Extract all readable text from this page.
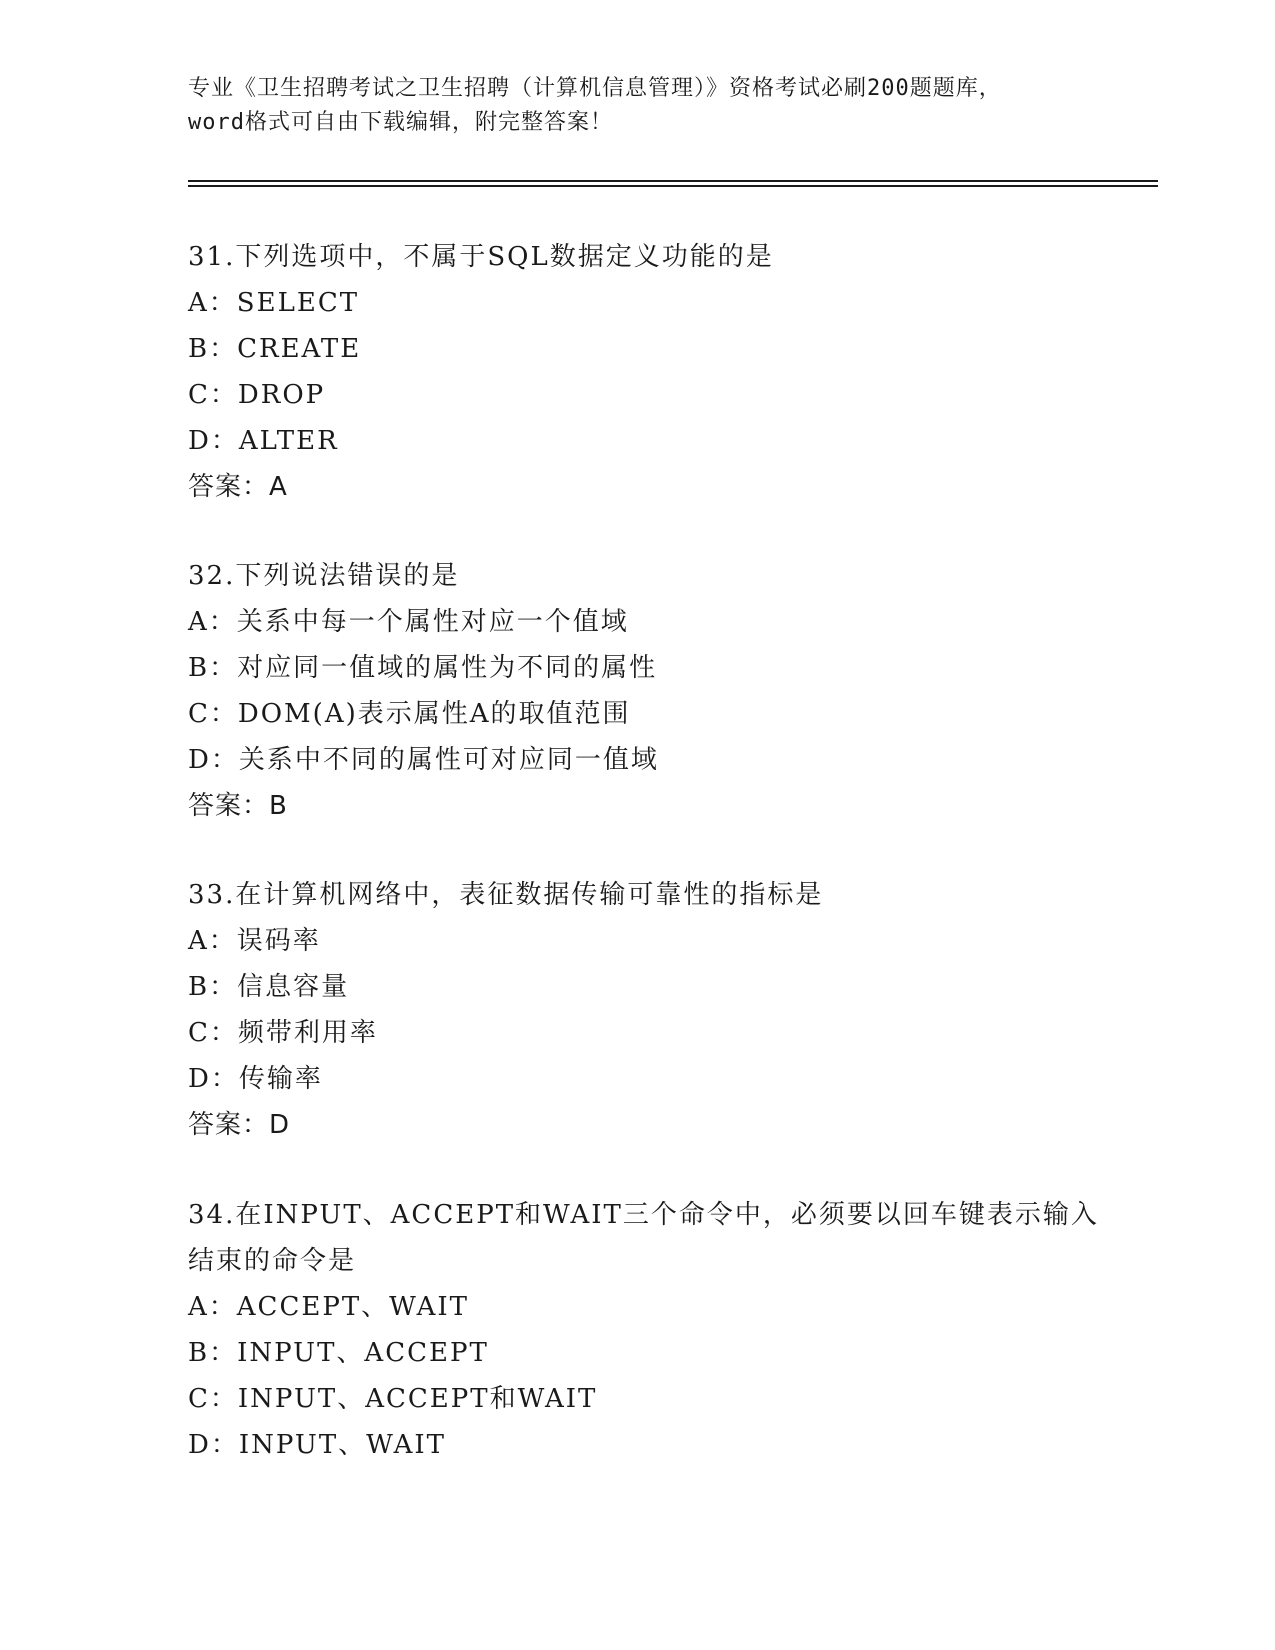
专业《卫生招聘考试之卫生招聘（计算机信息管理）》资格考试必刷200题题库，
word格式可自由下载编辑，附完整答案！
31.下列选项中，不属于SQL数据定义功能的是
A：SELECT
B：CREATE
C：DROP
D：ALTER
答案：A
32.下列说法错误的是
A：关系中每一个属性对应一个值域
B：对应同一值域的属性为不同的属性
C：DOM(A)表示属性A的取值范围
D：关系中不同的属性可对应同一值域
答案：B
33.在计算机网络中，表征数据传输可靠性的指标是
A：误码率
B：信息容量
C：频带利用率
D：传输率
答案：D
34.在INPUT、ACCEPT和WAIT三个命令中，必须要以回车键表示输入
结束的命令是
A：ACCEPT、WAIT
B：INPUT、ACCEPT
C：INPUT、ACCEPT和WAIT
D：INPUT、WAIT
